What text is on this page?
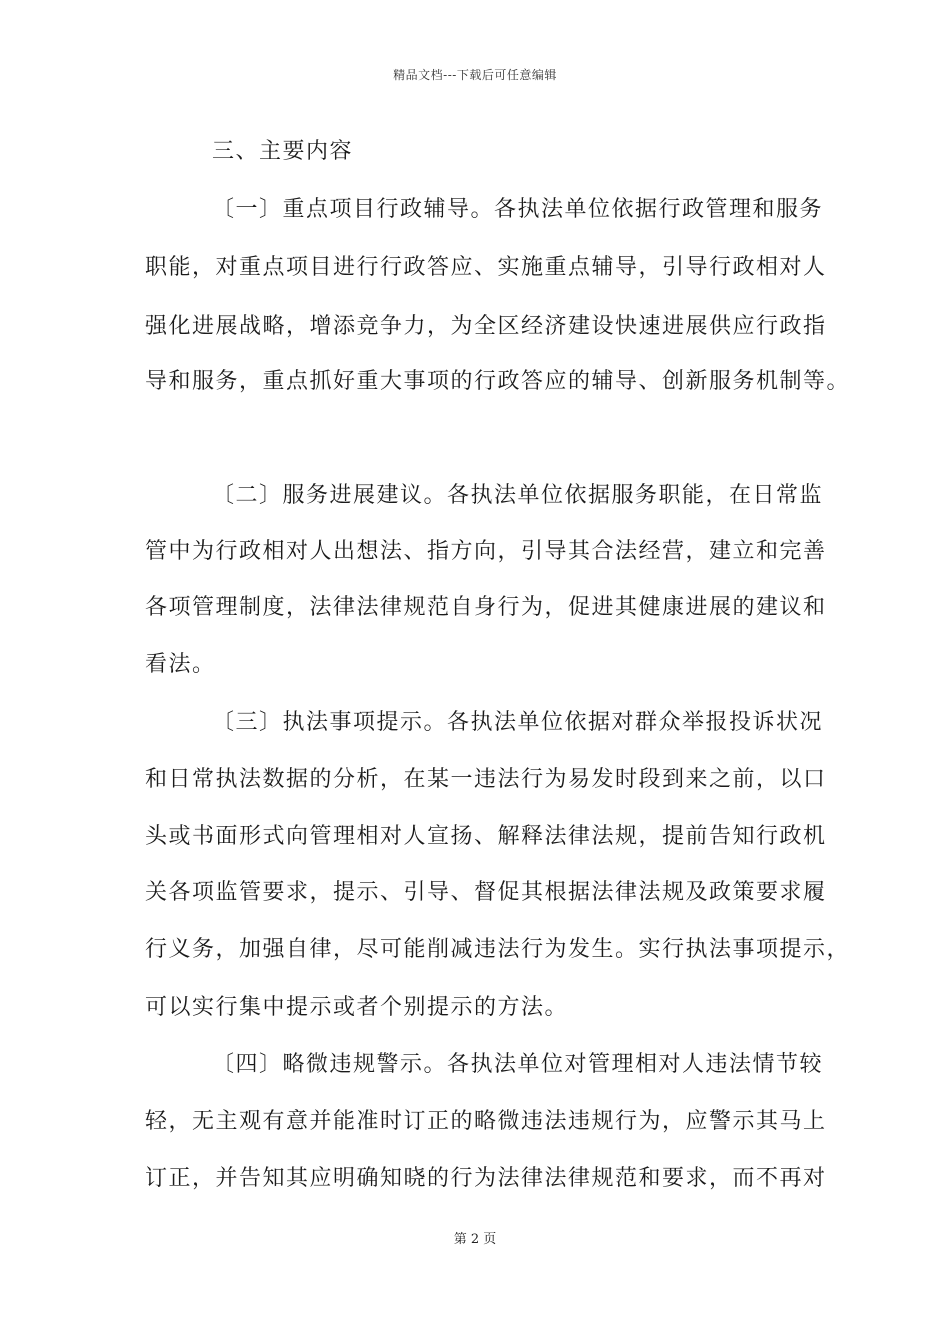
精品文档---下载后可任意编辑
三、主要内容
〔一〕重点项目行政辅导。各执法单位依据行政管理和服务
职能，对重点项目进行行政答应、实施重点辅导，引导行政相对人
强化进展战略，增添竞争力，为全区经济建设快速进展供应行政指
导和服务，重点抓好重大事项的行政答应的辅导、创新服务机制等。
〔二〕服务进展建议。各执法单位依据服务职能，在日常监
管中为行政相对人出想法、指方向，引导其合法经营，建立和完善
各项管理制度，法律法律规范自身行为，促进其健康进展的建议和
看法。
〔三〕执法事项提示。各执法单位依据对群众举报投诉状况
和日常执法数据的分析，在某一违法行为易发时段到来之前，以口
头或书面形式向管理相对人宣扬、解释法律法规，提前告知行政机
关各项监管要求，提示、引导、督促其根据法律法规及政策要求履
行义务，加强自律，尽可能削减违法行为发生。实行执法事项提示，
可以实行集中提示或者个别提示的方法。
〔四〕略微违规警示。各执法单位对管理相对人违法情节较
轻，无主观有意并能准时订正的略微违法违规行为，应警示其马上
订正，并告知其应明确知晓的行为法律法律规范和要求，而不再对
第 2 页
